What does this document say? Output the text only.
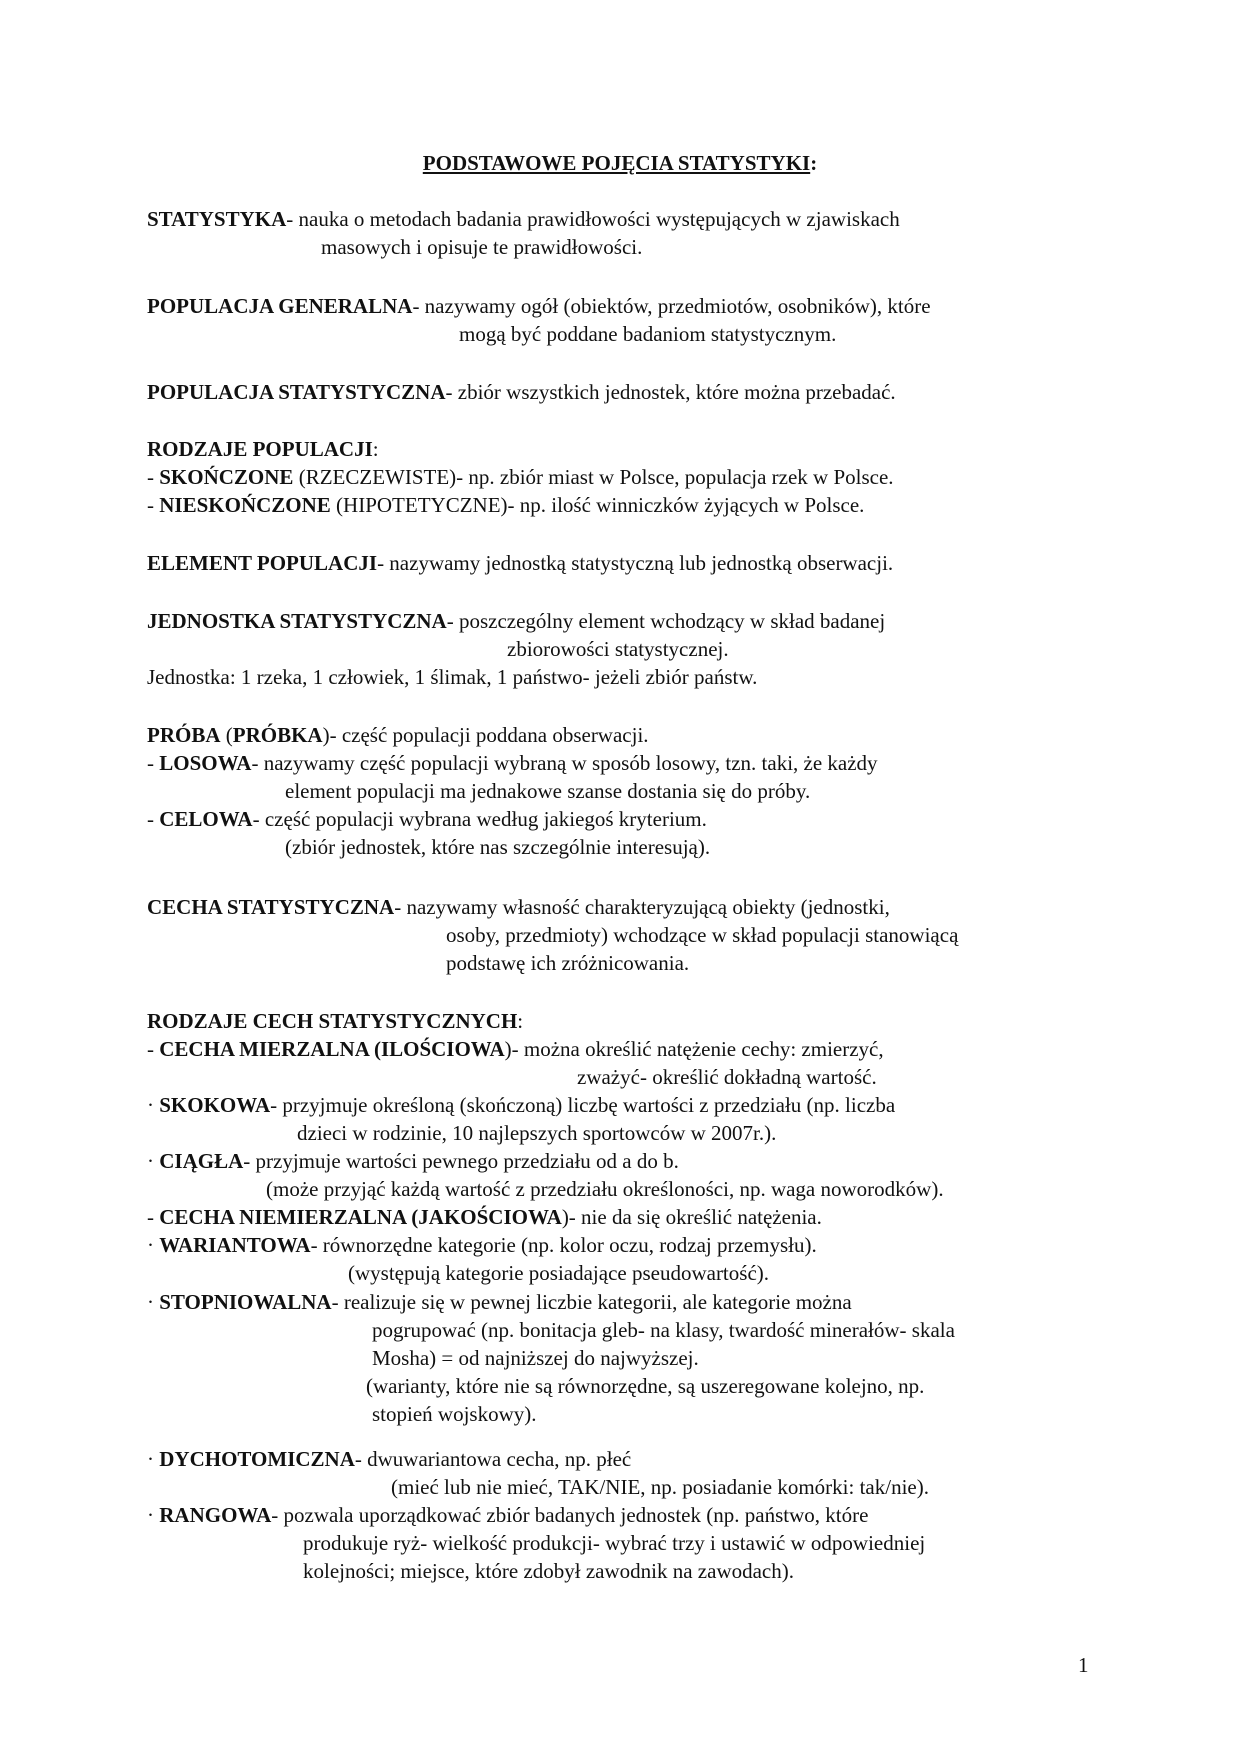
PODSTAWOWE POJĘCIA STATYSTYKI:
STATYSTYKA- nauka o metodach badania prawidłowości występujących w zjawiskach
masowych i opisuje te prawidłowości.
POPULACJA GENERALNA- nazywamy ogół (obiektów, przedmiotów, osobników), które
mogą być poddane badaniom statystycznym.
POPULACJA STATYSTYCZNA- zbiór wszystkich jednostek, które można przebadać.
RODZAJE POPULACJI:
- SKOŃCZONE (RZECZEWISTE)- np. zbiór miast w Polsce, populacja rzek w Polsce.
- NIESKOŃCZONE (HIPOTETYCZNE)- np. ilość winniczków żyjących w Polsce.
ELEMENT POPULACJI- nazywamy jednostką statystyczną lub jednostką obserwacji.
JEDNOSTKA STATYSTYCZNA- poszczególny element wchodzący w skład badanej
zbiorowości statystycznej.
Jednostka: 1 rzeka, 1 człowiek, 1 ślimak, 1 państwo- jeżeli zbiór państw.
PRÓBA (PRÓBKA)- część populacji poddana obserwacji.
- LOSOWA- nazywamy część populacji wybraną w sposób losowy, tzn. taki, że każdy
element populacji ma jednakowe szanse dostania się do próby.
- CELOWA- część populacji wybrana według jakiegoś kryterium.
(zbiór jednostek, które nas szczególnie interesują).
CECHA STATYSTYCZNA- nazywamy własność charakteryzującą obiekty (jednostki,
osoby, przedmioty) wchodzące w skład populacji stanowiącą
podstawę ich zróżnicowania.
RODZAJE CECH STATYSTYCZNYCH:
- CECHA MIERZALNA (ILOŚCIOWA)- można określić natężenie cechy: zmierzyć,
zważyć- określić dokładną wartość.
· SKOKOWA- przyjmuje określoną (skończoną) liczbę wartości z przedziału (np. liczba
dzieci w rodzinie, 10 najlepszych sportowców w 2007r.).
· CIĄGŁA- przyjmuje wartości pewnego przedziału od a do b.
(może przyjąć każdą wartość z przedziału określoności, np. waga noworodków).
- CECHA NIEMIERZALNA (JAKOŚCIOWA)- nie da się określić natężenia.
· WARIANTOWA- równorzędne kategorie (np. kolor oczu, rodzaj przemysłu).
(występują kategorie posiadające pseudowartość).
· STOPNIOWALNA- realizuje się w pewnej liczbie kategorii, ale kategorie można
pogrupować (np. bonitacja gleb- na klasy, twardość minerałów- skala
Mosha) = od najniższej do najwyższej.
(warianty, które nie są równorzędne, są uszeregowane kolejno, np.
stopień wojskowy).
· DYCHOTOMICZNA- dwuwariantowa cecha, np. płeć
(mieć lub nie mieć, TAK/NIE, np. posiadanie komórki: tak/nie).
· RANGOWA- pozwala uporządkować zbiór badanych jednostek (np. państwo, które
produkuje ryż- wielkość produkcji- wybrać trzy i ustawić w odpowiedniej
kolejności; miejsce, które zdobył zawodnik na zawodach).
1
